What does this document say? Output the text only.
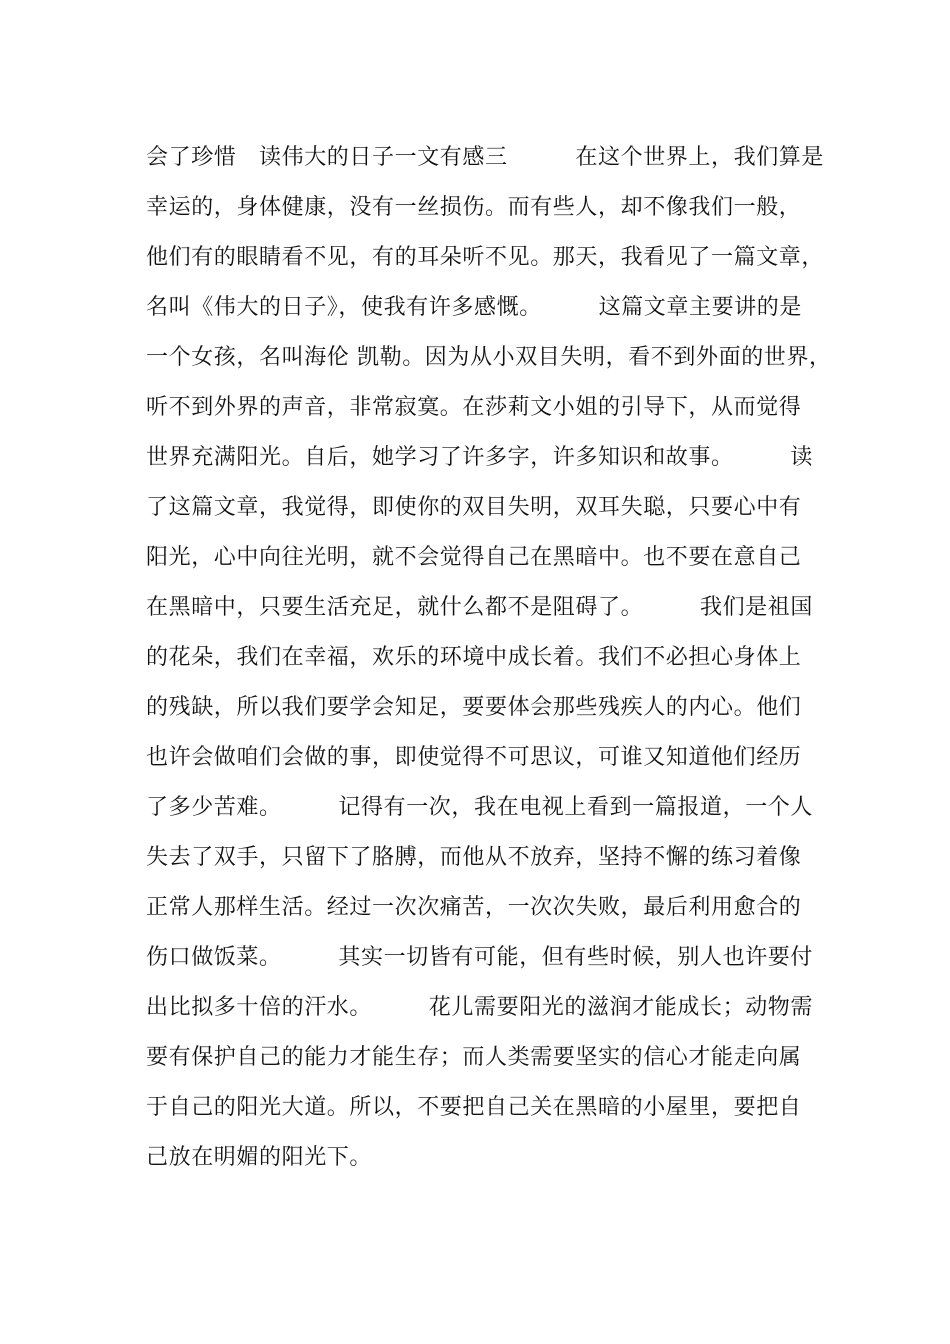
会了珍惜　读伟大的日子一文有感三　　　在这个世界上，我们算是
幸运的，身体健康，没有一丝损伤。而有些人，却不像我们一般，
他们有的眼睛看不见，有的耳朵听不见。那天，我看见了一篇文章，
名叫《伟大的日子》，使我有许多感慨。　　　这篇文章主要讲的是
一个女孩，名叫海伦 凯勒。因为从小双目失明，看不到外面的世界，
听不到外界的声音，非常寂寞。在莎莉文小姐的引导下，从而觉得
世界充满阳光。自后，她学习了许多字，许多知识和故事。　　　读
了这篇文章，我觉得，即使你的双目失明，双耳失聪，只要心中有
阳光，心中向往光明，就不会觉得自己在黑暗中。也不要在意自己
在黑暗中，只要生活充足，就什么都不是阻碍了。　　　我们是祖国
的花朵，我们在幸福，欢乐的环境中成长着。我们不必担心身体上
的残缺，所以我们要学会知足，要要体会那些残疾人的内心。他们
也许会做咱们会做的事，即使觉得不可思议，可谁又知道他们经历
了多少苦难。　　　记得有一次，我在电视上看到一篇报道，一个人
失去了双手，只留下了胳膊，而他从不放弃，坚持不懈的练习着像
正常人那样生活。经过一次次痛苦，一次次失败，最后利用愈合的
伤口做饭菜。　　　其实一切皆有可能，但有些时候，别人也许要付
出比拟多十倍的汗水。　　　花儿需要阳光的滋润才能成长；动物需
要有保护自己的能力才能生存；而人类需要坚实的信心才能走向属
于自己的阳光大道。所以，不要把自己关在黑暗的小屋里，要把自
己放在明媚的阳光下。
